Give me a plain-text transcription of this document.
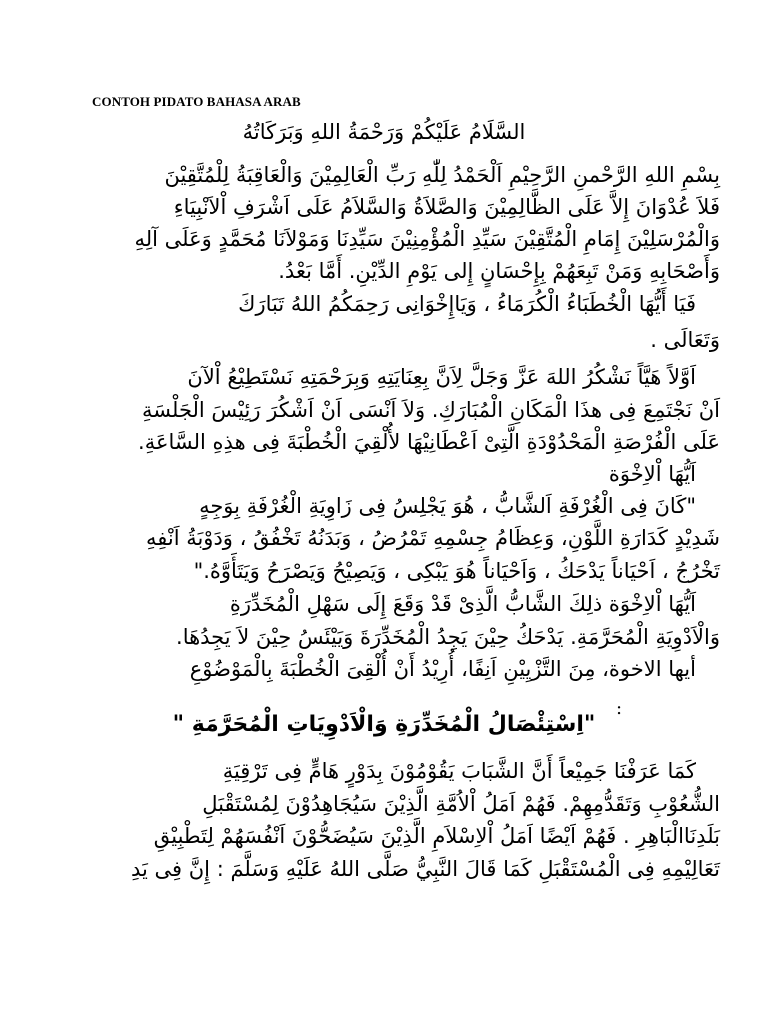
CONTOH PIDATO BAHASA ARAB
السَّلَامُ عَلَيْكُمْ وَرَحْمَةُ اللهِ وَبَرَكَاتُهُ
بِسْمِ اللهِ الرَّحْمنِ الرَّحِيْمِ اَلْحَمْدُ لِلّٰهِ رَبِّ الْعَالِمِيْنَ وَالْعَاقِبَةُ لِلْمُتَّقِيْنَ
فَلاَ عُدْوَانَ إِلاَّ عَلَى الظَّالِمِيْنَ وَالصَّلاَةُ وَالسَّلاَمُ عَلَى اَشْرَفِ اْلاَنْبِيَاءِ
وَالْمُرْسَلِيْنَ إِمَامِ الْمُتَّقِيْنَ سَيِّدِ الْمُؤْمِنِيْنَ سَيِّدِنَا وَمَوْلاَنَا مُحَمَّدٍ وَعَلَى آلِهِ
وَأَصْحَابِهِ وَمَنْ تَبِعَهُمْ بِإِحْسَانٍ إِلى يَوْمِ الدِّيْنِ. أَمَّا بَعْدُ.
فَيَا أَيُّهَا الْخُطَبَاءُ الْكُرَمَاءُ ، وَيَاإِخْوَانِى رَحِمَكُمُ اللهُ تَبَارَكَ
وَتَعَالَى .
اَوَّلاً هَيَّاً نَشْكُرُ اللهَ عَزَّ وَجَلَّ لِاَنَّ بِعِنَايَتِهِ وَبِرَحْمَتِهِ نَسْتَطِيْعُ اْلآنَ
اَنْ نَجْتَمِعَ فِى هذَا الْمَكَانِ الْمُبَارَكِ. وَلاَ اَنْسَى اَنْ اَشْكُرَ رَئِيْسَ الْجَلْسَةِ
عَلَى الْفُرْصَةِ الْمَحْدُوْدَةِ الَّتِىْ اَعْطَانِيْهَا لأُلْقِيَ الْخُطْبَةَ فِى هذِهِ السَّاعَةِ.
اَيُّهَا اْلاِخْوَة
"كَانَ فِى الْغُرْفَةِ اَلشَّابُّ ، هُوَ يَجْلِسُ فِى زَاوِيَةِ الْغُرْفَةِ بِوَجِهٍ
شَدِيْدٍ كَدَارَةِ اللَّوْنِ، وَعِظَامُ جِسْمِهِ تَمْرُضُ ، وَبَدَنُهُ تَخْفُقُ ، وَدَوْبَةُ اَنْفِهِ
تَخْرُجُ ، اَحْيَاناً يَدْحَكُ ، وَاَحْيَاناً هُوَ يَبْكِى ، وَيَصِيْحُ وَيَصْرَحُ وَيَتَأَوَّهُ."
اَيُّهَا اْلاِخْوَة ذلِكَ الشَّابُّ الَّذِىْ قَدْ وَقَعَ إِلَى سَهْلِ الْمُخَدِّرَةِ
وَالْاَدْوِيَةِ الْمُحَرَّمَةِ. يَدْحَكُ حِيْنَ يَجِدُ الْمُخَدِّرَةَ وَيَيْئَسُ حِيْنَ لاَ يَجِدُهَا.
أيها الاخوة، مِنَ التَّزْيِيْنِ اَنِفًا، أُرِيْدُ أَنْ أُلْقِىَ الْخُطْبَةَ بِالْمَوْضُوْعِ
:
"اِسْتِئْصَالُ الْمُخَدِّرَةِ وَالْاَدْوِيَاتِ الْمُحَرَّمَةِ "
كَمَا عَرَفْنَا جَمِيْعاً أَنَّ الشَّبَابَ يَقُوْمُوْنَ بِدَوْرٍ هَامٍّ فِى تَرْقِيَةِ
الشُّعُوْبِ وَتَقَدُّمِهِمْ. فَهُمْ اَمَلُ اْلاُمَّةِ الَّذِيْنَ سَيُجَاهِدُوْنَ لِمُسْتَقْبَلِ
بَلَدِنَاالْبَاهِرِ . فَهُمْ اَيْضًا اَمَلُ اْلاِسْلاَمِ الَّذِيْنَ سَيُضَحُّوْنَ اَنْفُسَهُمْ لِتَطْبِيْقِ
تَعَالِيْمِهِ فِى الْمُسْتَقْبَلِ كَمَا قَالَ النَّبِيُّ صَلَّى اللهُ عَلَيْهِ وَسَلَّمَ : إِنَّ فِى يَدِ
